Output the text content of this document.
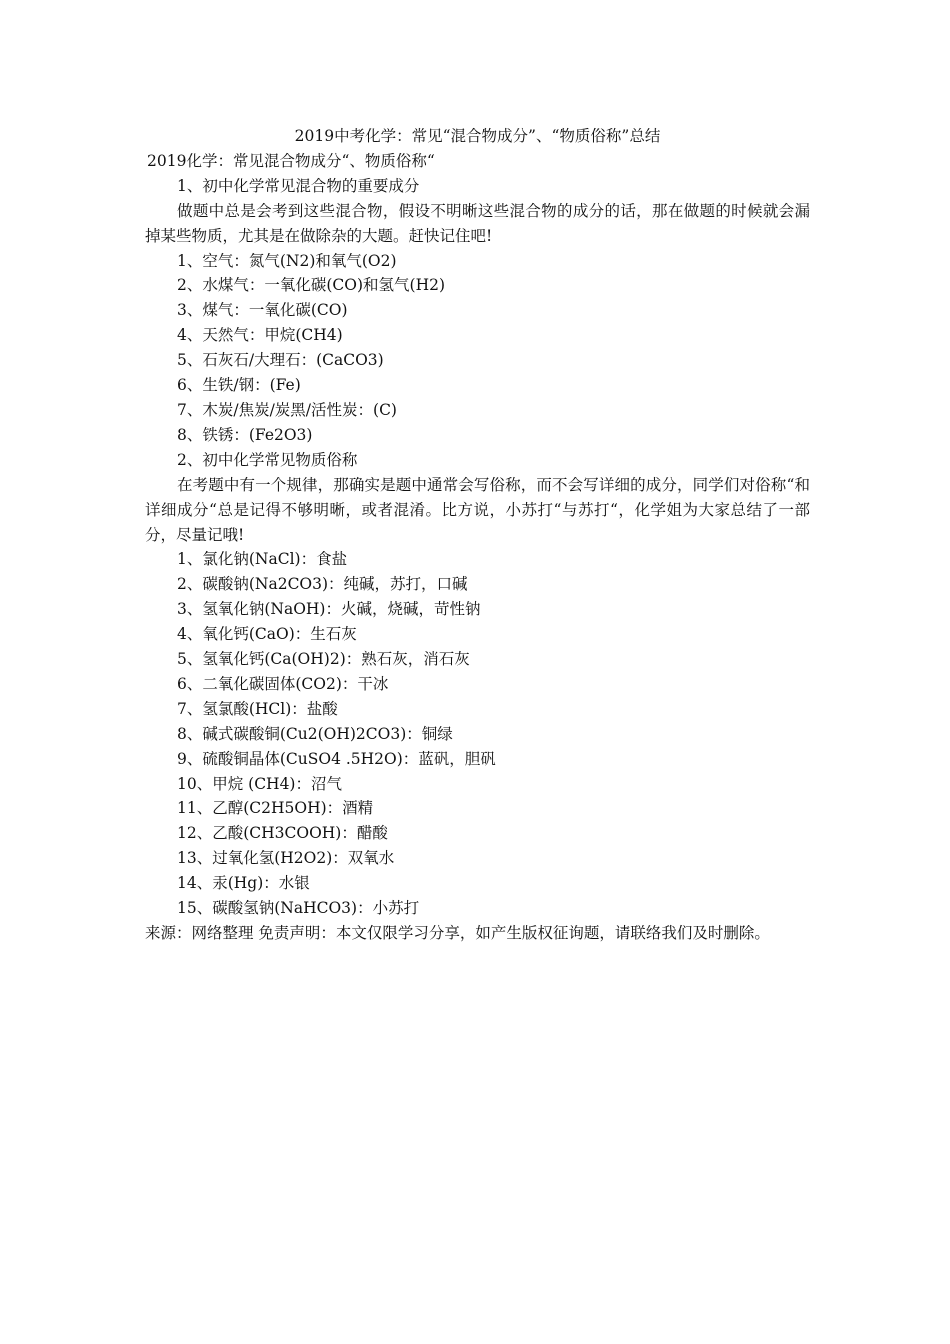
2019中考化学：常见“混合物成分”、“物质俗称”总结

2019化学：常见混合物成分“、物质俗称“

1、初中化学常见混合物的重要成分

做题中总是会考到这些混合物，假设不明晰这些混合物的成分的话，那在做题的时候就会漏掉某些物质，尤其是在做除杂的大题。赶快记住吧!

1、空气：氮气(N2)和氧气(O2)

2、水煤气：一氧化碳(CO)和氢气(H2)

3、煤气：一氧化碳(CO)

4、天然气：甲烷(CH4)

5、石灰石/大理石：(CaCO3)

6、生铁/钢：(Fe)

7、木炭/焦炭/炭黑/活性炭：(C)

8、铁锈：(Fe2O3)

2、初中化学常见物质俗称

在考题中有一个规律，那确实是题中通常会写俗称，而不会写详细的成分，同学们对俗称“和详细成分“总是记得不够明晰，或者混淆。比方说，小苏打“与苏打“，化学姐为大家总结了一部分，尽量记哦!

1、氯化钠(NaCl)：食盐

2、碳酸钠(Na2CO3)：纯碱，苏打，口碱

3、氢氧化钠(NaOH)：火碱，烧碱，苛性钠

4、氧化钙(CaO)：生石灰

5、氢氧化钙(Ca(OH)2)：熟石灰，消石灰

6、二氧化碳固体(CO2)：干冰

7、氢氯酸(HCl)：盐酸

8、碱式碳酸铜(Cu2(OH)2CO3)：铜绿

9、硫酸铜晶体(CuSO4 .5H2O)：蓝矾，胆矾

10、甲烷 (CH4)：沼气

11、乙醇(C2H5OH)：酒精

12、乙酸(CH3COOH)：醋酸

13、过氧化氢(H2O2)：双氧水

14、汞(Hg)：水银

15、碳酸氢钠(NaHCO3)：小苏打

来源：网络整理 免责声明：本文仅限学习分享，如产生版权征询题，请联络我们及时删除。
